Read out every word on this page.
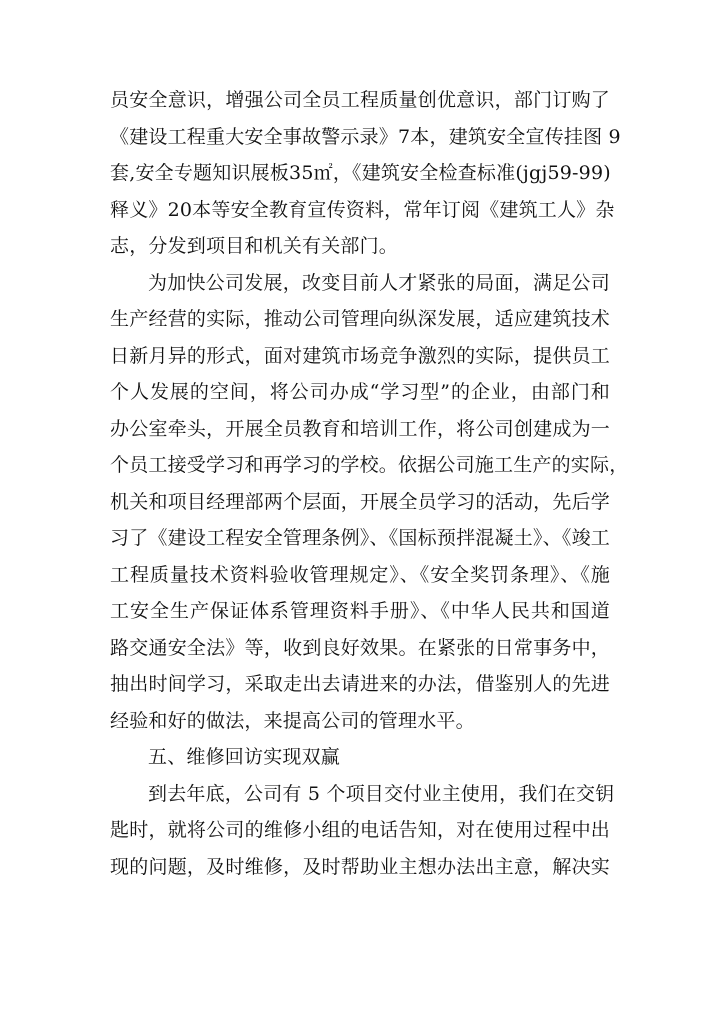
员安全意识，增强公司全员工程质量创优意识，部门订购了
《建设工程重大安全事故警示录》7本，建筑安全宣传挂图 9
套,安全专题知识展板35㎡，《建筑安全检查标准(jgj59-99)
释义》20本等安全教育宣传资料，常年订阅《建筑工人》杂
志，分发到项目和机关有关部门。
为加快公司发展，改变目前人才紧张的局面，满足公司
生产经营的实际，推动公司管理向纵深发展，适应建筑技术
日新月异的形式，面对建筑市场竞争激烈的实际，提供员工
个人发展的空间，将公司办成“学习型”的企业，由部门和
办公室牵头，开展全员教育和培训工作，将公司创建成为一
个员工接受学习和再学习的学校。依据公司施工生产的实际，
机关和项目经理部两个层面，开展全员学习的活动，先后学
习了《建设工程安全管理条例》、《国标预拌混凝土》、《竣工
工程质量技术资料验收管理规定》、《安全奖罚条理》、《施
工安全生产保证体系管理资料手册》、《中华人民共和国道
路交通安全法》等，收到良好效果。在紧张的日常事务中，
抽出时间学习，采取走出去请进来的办法，借鉴别人的先进
经验和好的做法，来提高公司的管理水平。
五、维修回访实现双赢
到去年底，公司有 5 个项目交付业主使用，我们在交钥
匙时，就将公司的维修小组的电话告知，对在使用过程中出
现的问题，及时维修，及时帮助业主想办法出主意，解决实
